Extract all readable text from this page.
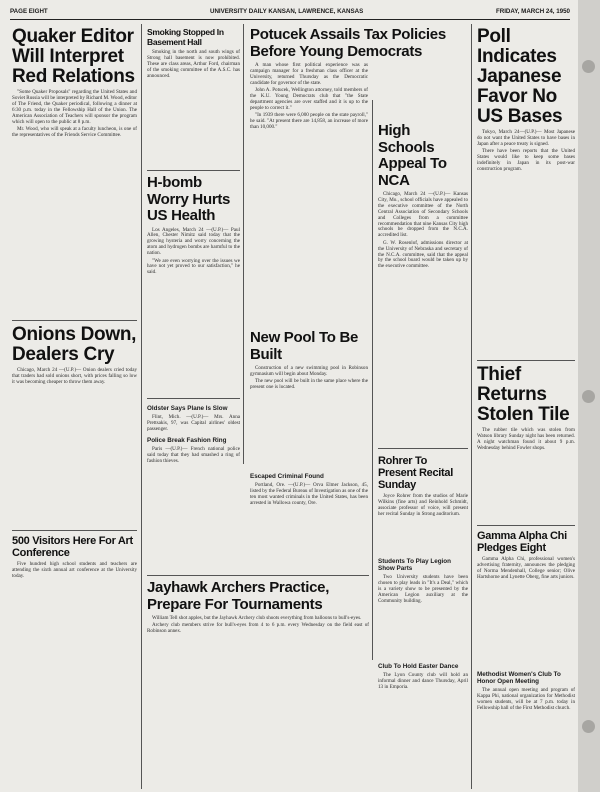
PAGE EIGHT	UNIVERSITY DAILY KANSAN, LAWRENCE, KANSAS	FRIDAY, MARCH 24, 1950
Quaker Editor Will Interpret Red Relations

"Some Quaker Proposals" regarding the United States and Soviet Russia will be interpreted by Richard M. Wood, editor of The Friend, the Quaker periodical, following a dinner at 6:30 p.m. today in the Fellowship Hall of the Union. The American Association of Teachers will sponsor the program which will open to the public at 8 p.m.

Mr. Wood, who will speak at a faculty luncheon, is one of the representatives of the Friends Service Committee.

Onions Down, Dealers Cry

Chicago, March 24 —(U.P.)— Onion dealers cried today that traders had sold onions short, with prices falling so low it was becoming cheaper to throw them away.

500 Visitors Here For Art Conference

Five hundred high school students and teachers are attending the sixth annual art conference at the University today.

Smoking Stopped In Basement Hall

Smoking in the north and south wings of Strong hall basement is now prohibited. These are class areas, Arthur Ford, chairman of the smoking committee of the A.S.C. has announced.

H-bomb Worry Hurts US Health

Los Angeles, March 24 —(U.P.)— Paul Allen, Chester Nimitz said today that the growing hysteria and worry concerning the atom and hydrogen bombs are harmful to the nation.

"We are even worrying over the issues we have not yet proved to our satisfaction," he said.

Oldster Says Plane Is Slow

Flint, Mich. —(U.P.)— Mrs. Anna Prettsakis, 97, was Capital airlines' oldest passenger.

Police Break Fashion Ring

Paris —(U.P.)— French national police said today that they had smashed a ring of fashion thieves.

Potucek Assails Tax Policies Before Young Democrats

A man whose first political experience was as campaign manager for a freshman class officer at the University, returned Thursday as the Democratic candidate for governor of the state.

John A. Potucek, Wellington attorney, told members of the K.U. Young Democrats club that "the State department agencies are over staffed and it is up to the people to correct it."

"In 1939 there were 6,000 people on the state payroll," he said. "At present there are 14,858, an increase of more than 10,000."	High Schools Appeal To NCA

Chicago, March 24 —(U.P.)— Kansas City, Mo., school officials have appealed to the executive committee of the North Central Association of Secondary Schools and Colleges from a committee recommendation that nine Kansas City high schools be dropped from the N.C.A. accredited list.

G. W. Rosenlof, admissions director at the University of Nebraska and secretary of the N.C.A. committee, said that the appeal by the school board would be taken up by the executive committee.

New Pool To Be Built

Construction of a new swimming pool in Robinson gymnasium will begin about Monday.

The new pool will be built in the same place where the present one is located.

Escaped Criminal Found

Portland, Ore. —(U.P.)— Orva Elmer Jackson, 45, listed by the Federal Bureau of Investigation as one of the ten most wanted criminals in the United States, has been arrested in Wallowa county, Ore.

Rohrer To Present Recital Sunday

Joyce Rohrer from the studios of Marie Wilkins (fine arts) and Reinhold Schmidt, associate professor of voice, will present her recital Sunday in Strong auditorium.

Students To Play Legion Show Parts

Two University students have been chosen to play leads in "It's a Deal," which is a variety show to be presented by the American Legion auxiliary at the Community building.

Jayhawk Archers Practice, Prepare For Tournaments

William Tell shot apples, but the Jayhawk Archery club shoots everything from balloons to bull's-eyes.

Archery club members strive for bull's-eyes from 4 to 6 p.m. every Wednesday on the field east of Robinson annex.

Club To Hold Easter Dance

The Lyon County club will hold an informal dinner and dance Thursday, April 13 in Emporia.

Poll Indicates Japanese Favor No US Bases

Tokyo, March 24—(U.P.)— Most Japanese do not want the United States to have bases in Japan after a peace treaty is signed.

There have been reports that the United States would like to keep some bases indefinitely in Japan in its post-war construction program.

Thief Returns Stolen Tile

The rubber tile which was stolen from Watson library Sunday night has been returned. A night watchman found it about 9 p.m. Wednesday behind Fowler shops.

Gamma Alpha Chi Pledges Eight

Gamma Alpha Chi, professional women's advertising fraternity, announces the pledging of Norma Mendenhall, College senior; Olive Hartshorne and Lynette Oberg, fine arts juniors.

Methodist Women's Club To Honor Open Meeting

The annual open meeting and program of Kappa Phi, national organization for Methodist women students, will be at 7 p.m. today in Fellowship hall of the First Methodist church.
